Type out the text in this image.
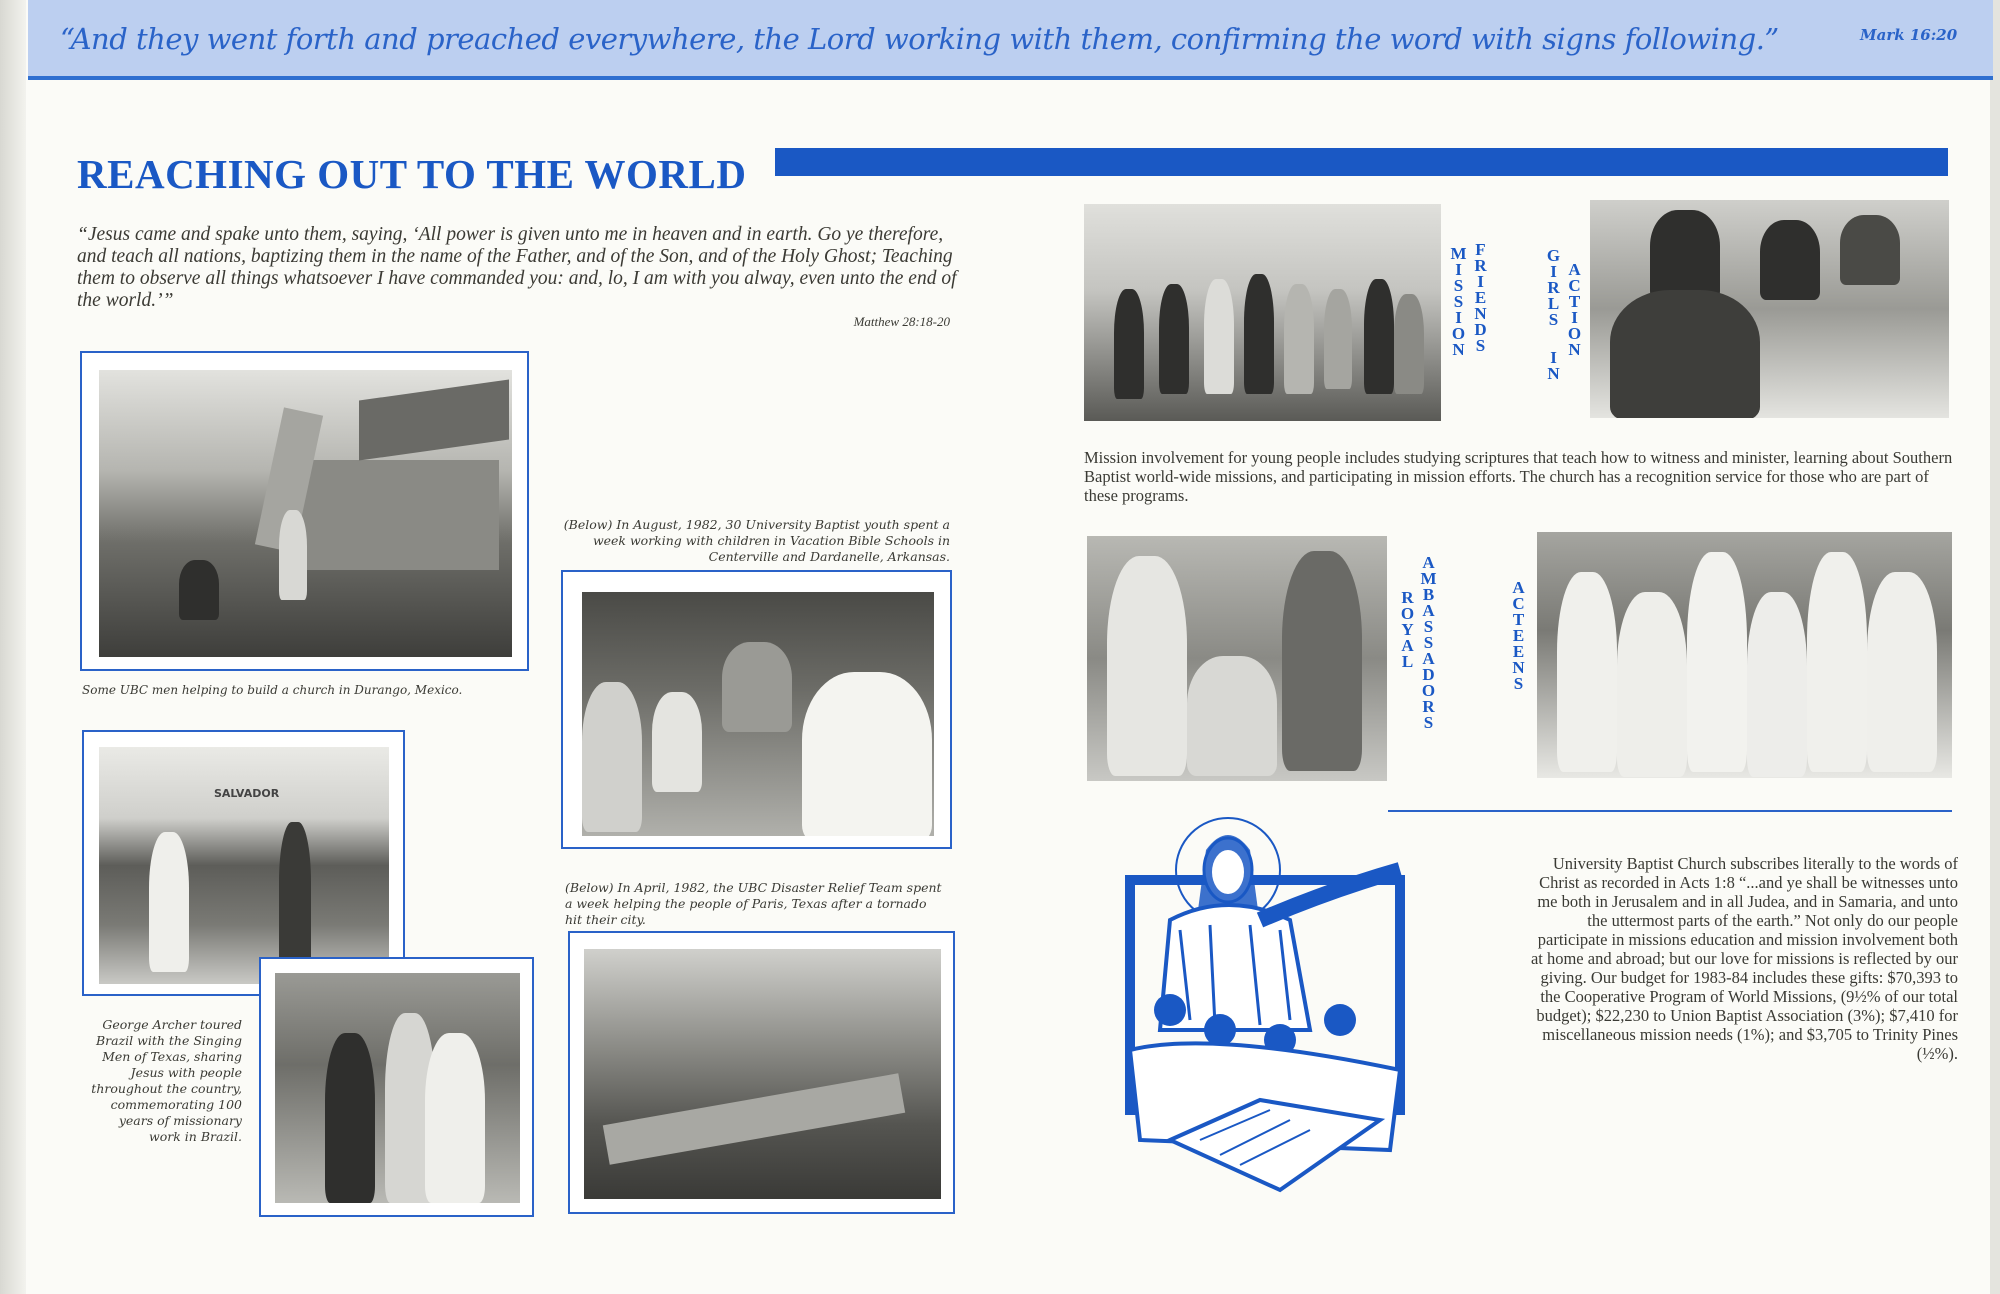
“And they went forth and preached everywhere, the Lord working with them, confirming the word with signs following.”	Mark 16:20
REACHING OUT TO THE WORLD
“Jesus came and spake unto them, saying, ‘All power is given unto me in heaven and in earth. Go ye therefore, and teach all nations, baptizing them in the name of the Father, and of the Son, and of the Holy Ghost; Teaching them to observe all things whatsoever I have commanded you: and, lo, I am with you alway, even unto the end of the world.’”
Matthew 28:18-20
Some UBC men helping to build a church in Durango, Mexico.
SALVADOR
George Archer toured Brazil with the Singing Men of Texas, sharing Jesus with people throughout the country, commemorating 100 years of missionary work in Brazil.
(Below) In August, 1982, 30 University Baptist youth spent a week working with children in Vacation Bible Schools in Centerville and Dardanelle, Arkansas.
(Below) In April, 1982, the UBC Disaster Relief Team spent a week helping the people of Paris, Texas after a tornado hit their city.
MISSION FRIENDS	GIRLS IN ACTION
Mission involvement for young people includes studying scriptures that teach how to witness and minister, learning about Southern Baptist world-wide missions, and participating in mission efforts. The church has a recognition service for those who are part of these programs.
ROYAL AMBASSADORS	ACTEENS
University Baptist Church subscribes literally to the words of Christ as recorded in Acts 1:8 “...and ye shall be witnesses unto me both in Jerusalem and in all Judea, and in Samaria, and unto the uttermost parts of the earth.” Not only do our people participate in missions education and mission involvement both at home and abroad; but our love for missions is reflected by our giving. Our budget for 1983-84 includes these gifts: $70,393 to the Cooperative Program of World Missions, (9½% of our total budget); $22,230 to Union Baptist Association (3%); $7,410 for miscellaneous mission needs (1%); and $3,705 to Trinity Pines (½%).
